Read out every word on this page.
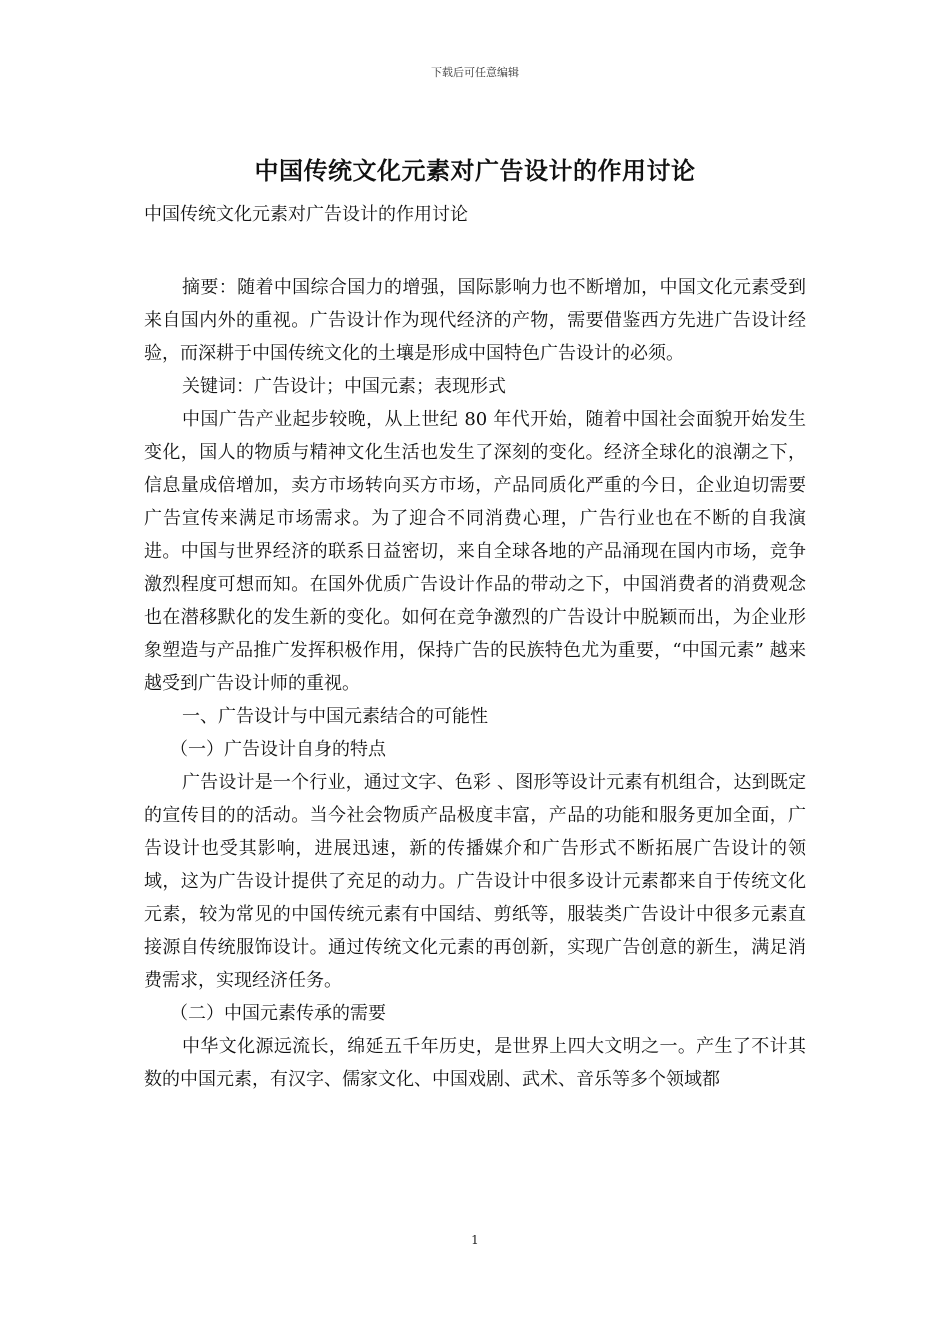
下载后可任意编辑
中国传统文化元素对广告设计的作用讨论

中国传统文化元素对广告设计的作用讨论

摘要：随着中国综合国力的增强，国际影响力也不断增加，中国文化元素受到来自国内外的重视。广告设计作为现代经济的产物，需要借鉴西方先进广告设计经验，而深耕于中国传统文化的土壤是形成中国特色广告设计的必须。

关键词：广告设计；中国元素；表现形式

中国广告产业起步较晚，从上世纪 80 年代开始，随着中国社会面貌开始发生变化，国人的物质与精神文化生活也发生了深刻的变化。经济全球化的浪潮之下，信息量成倍增加，卖方市场转向买方市场，产品同质化严重的今日，企业迫切需要广告宣传来满足市场需求。为了迎合不同消费心理，广告行业也在不断的自我演进。中国与世界经济的联系日益密切，来自全球各地的产品涌现在国内市场，竞争激烈程度可想而知。在国外优质广告设计作品的带动之下，中国消费者的消费观念也在潜移默化的发生新的变化。如何在竞争激烈的广告设计中脱颖而出，为企业形象塑造与产品推广发挥积极作用，保持广告的民族特色尤为重要，“中国元素” 越来越受到广告设计师的重视。

一、广告设计与中国元素结合的可能性

（一）广告设计自身的特点

广告设计是一个行业，通过文字、色彩 、图形等设计元素有机组合，达到既定的宣传目的的活动。当今社会物质产品极度丰富，产品的功能和服务更加全面，广告设计也受其影响，进展迅速，新的传播媒介和广告形式不断拓展广告设计的领域，这为广告设计提供了充足的动力。广告设计中很多设计元素都来自于传统文化元素，较为常见的中国传统元素有中国结、剪纸等，服装类广告设计中很多元素直接源自传统服饰设计。通过传统文化元素的再创新，实现广告创意的新生，满足消费需求，实现经济任务。

（二）中国元素传承的需要

中华文化源远流长，绵延五千年历史，是世界上四大文明之一。产生了不计其数的中国元素，有汉字、儒家文化、中国戏剧、武术、音乐等多个领域都

1
